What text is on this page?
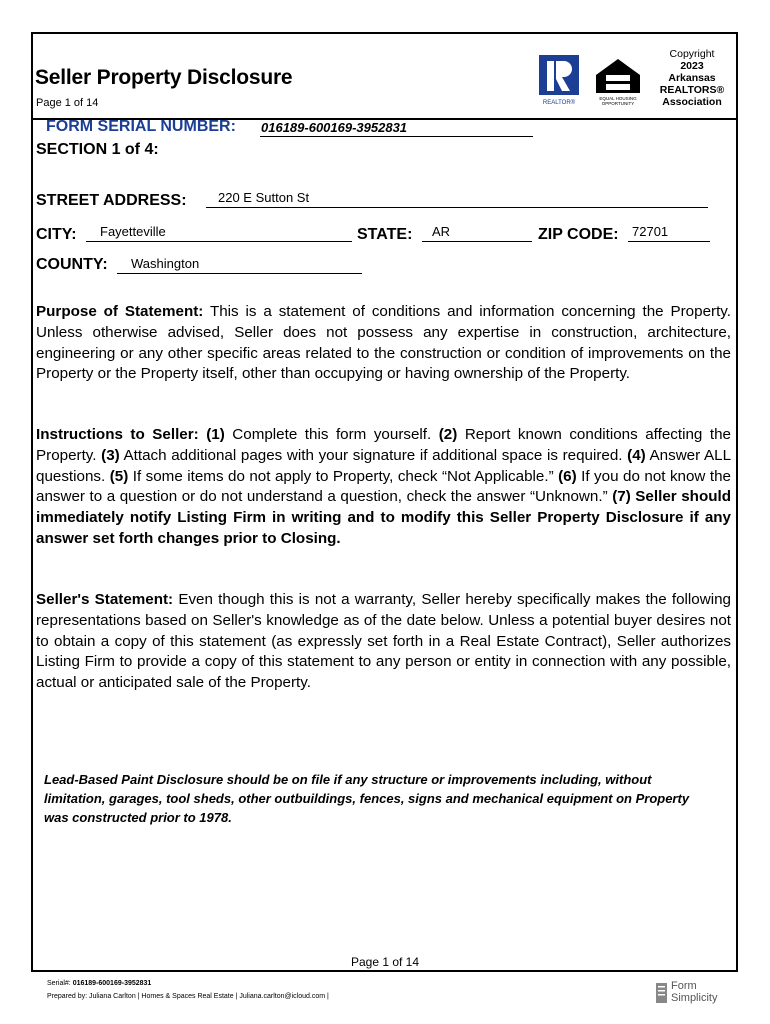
Seller Property Disclosure
Page 1 of 14	REALTOR®
EQUAL HOUSING
OPPORTUNITY
Copyright
2023
Arkansas
REALTORS®
Association
FORM SERIAL NUMBER: 016189-600169-3952831
SECTION 1 of 4:
STREET ADDRESS:	220 E Sutton St
CITY:	Fayetteville	STATE:	AR	ZIP CODE:	72701
COUNTY:	Washington
Purpose of Statement: This is a statement of conditions and information concerning the Property. Unless otherwise advised, Seller does not possess any expertise in construction, architecture, engineering or any other specific areas related to the construction or condition of improvements on the Property or the Property itself, other than occupying or having ownership of the Property.
Instructions to Seller: (1) Complete this form yourself. (2) Report known conditions affecting the Property. (3) Attach additional pages with your signature if additional space is required. (4) Answer ALL questions. (5) If some items do not apply to Property, check “Not Applicable.” (6) If you do not know the answer to a question or do not understand a question, check the answer “Unknown.” (7) Seller should immediately notify Listing Firm in writing and to modify this Seller Property Disclosure if any answer set forth changes prior to Closing.
Seller's Statement: Even though this is not a warranty, Seller hereby specifically makes the following representations based on Seller's knowledge as of the date below. Unless a potential buyer desires not to obtain a copy of this statement (as expressly set forth in a Real Estate Contract), Seller authorizes Listing Firm to provide a copy of this statement to any person or entity in connection with any possible, actual or anticipated sale of the Property.
Lead-Based Paint Disclosure should be on file if any structure or improvements including, without limitation, garages, tool sheds, other outbuildings, fences, signs and mechanical equipment on Property was constructed prior to 1978.
Page 1 of 14
Serial#: 016189-600169-3952831
Prepared by: Juliana Carlton | Homes & Spaces Real Estate | Juliana.carlton@icloud.com |
Form
Simplicity
